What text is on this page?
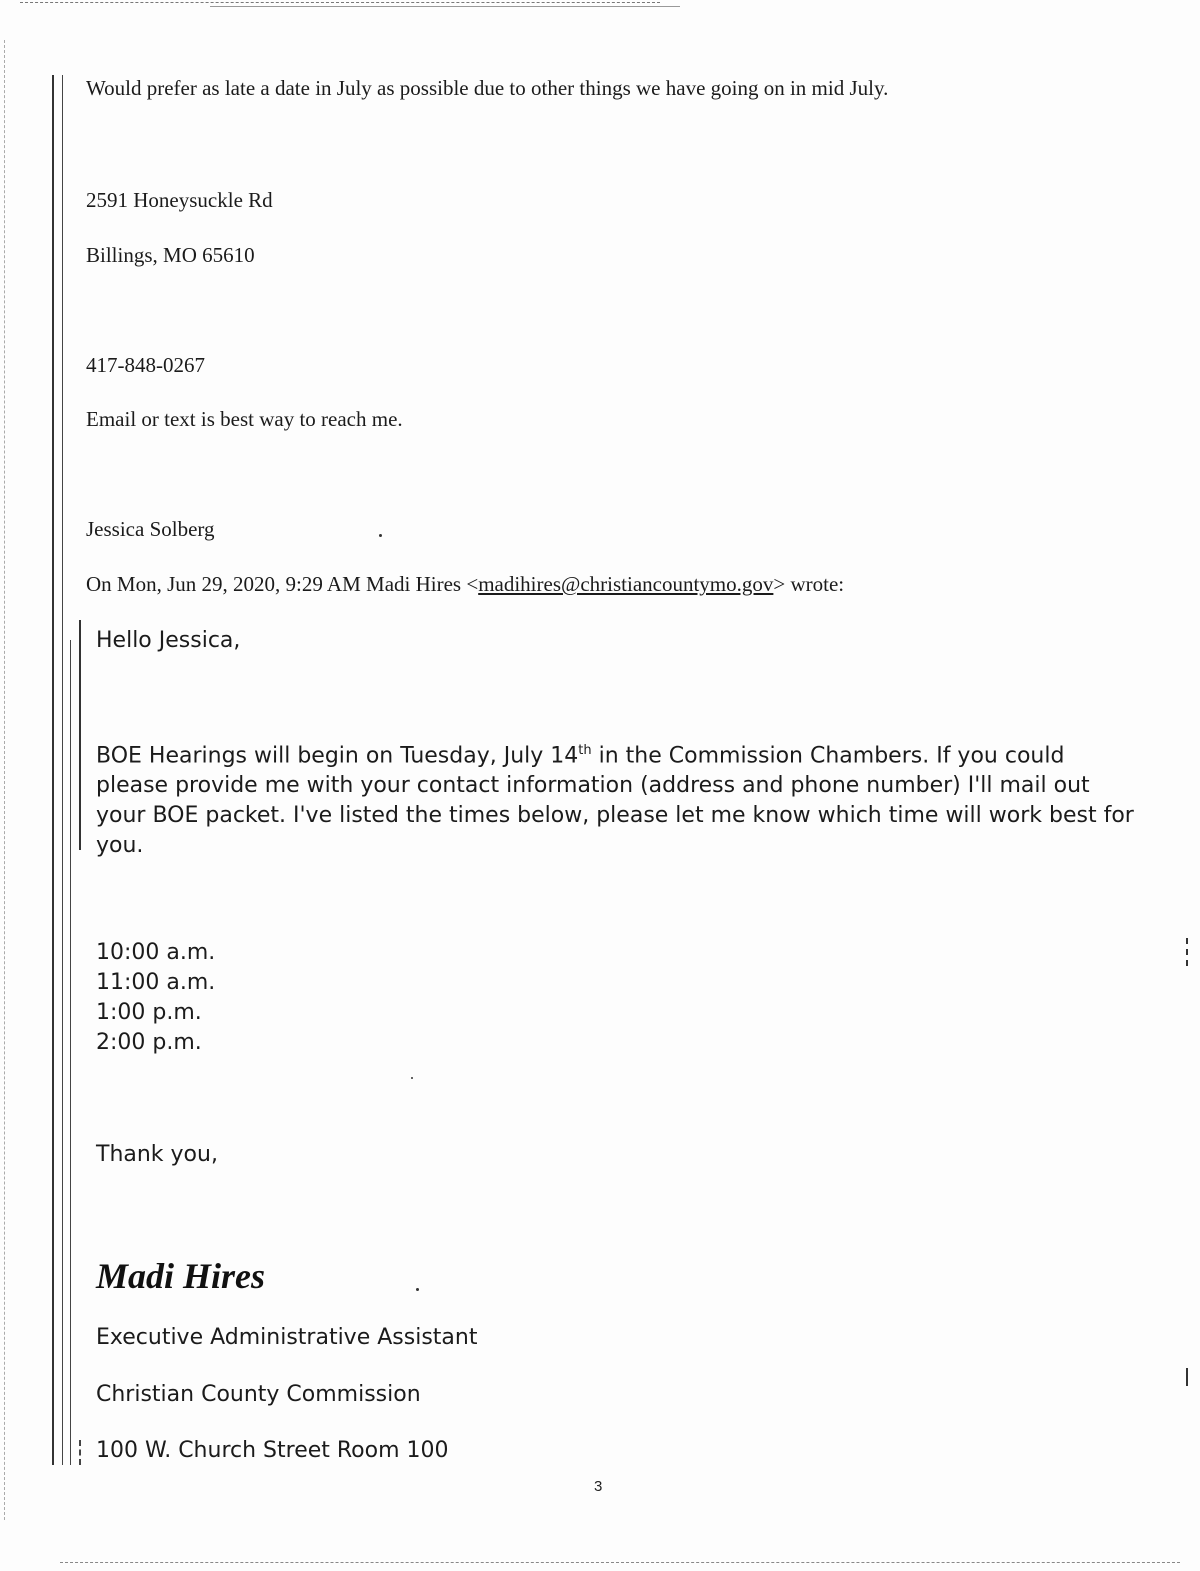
Would prefer as late a date in July as possible due to other things we have going on in mid July.
2591 Honeysuckle Rd
Billings, MO 65610
417-848-0267
Email or text is best way to reach me.
Jessica Solberg
On Mon, Jun 29, 2020, 9:29 AM Madi Hires <madihires@christiancountymo.gov> wrote:
Hello Jessica,
BOE Hearings will begin on Tuesday, July 14th in the Commission Chambers. If you could please provide me with your contact information (address and phone number) I'll mail out your BOE packet. I've listed the times below, please let me know which time will work best for you.
10:00 a.m.
11:00 a.m.
1:00 p.m.
2:00 p.m.
Thank you,
Madi Hires
Executive Administrative Assistant
Christian County Commission
100 W. Church Street Room 100
3
